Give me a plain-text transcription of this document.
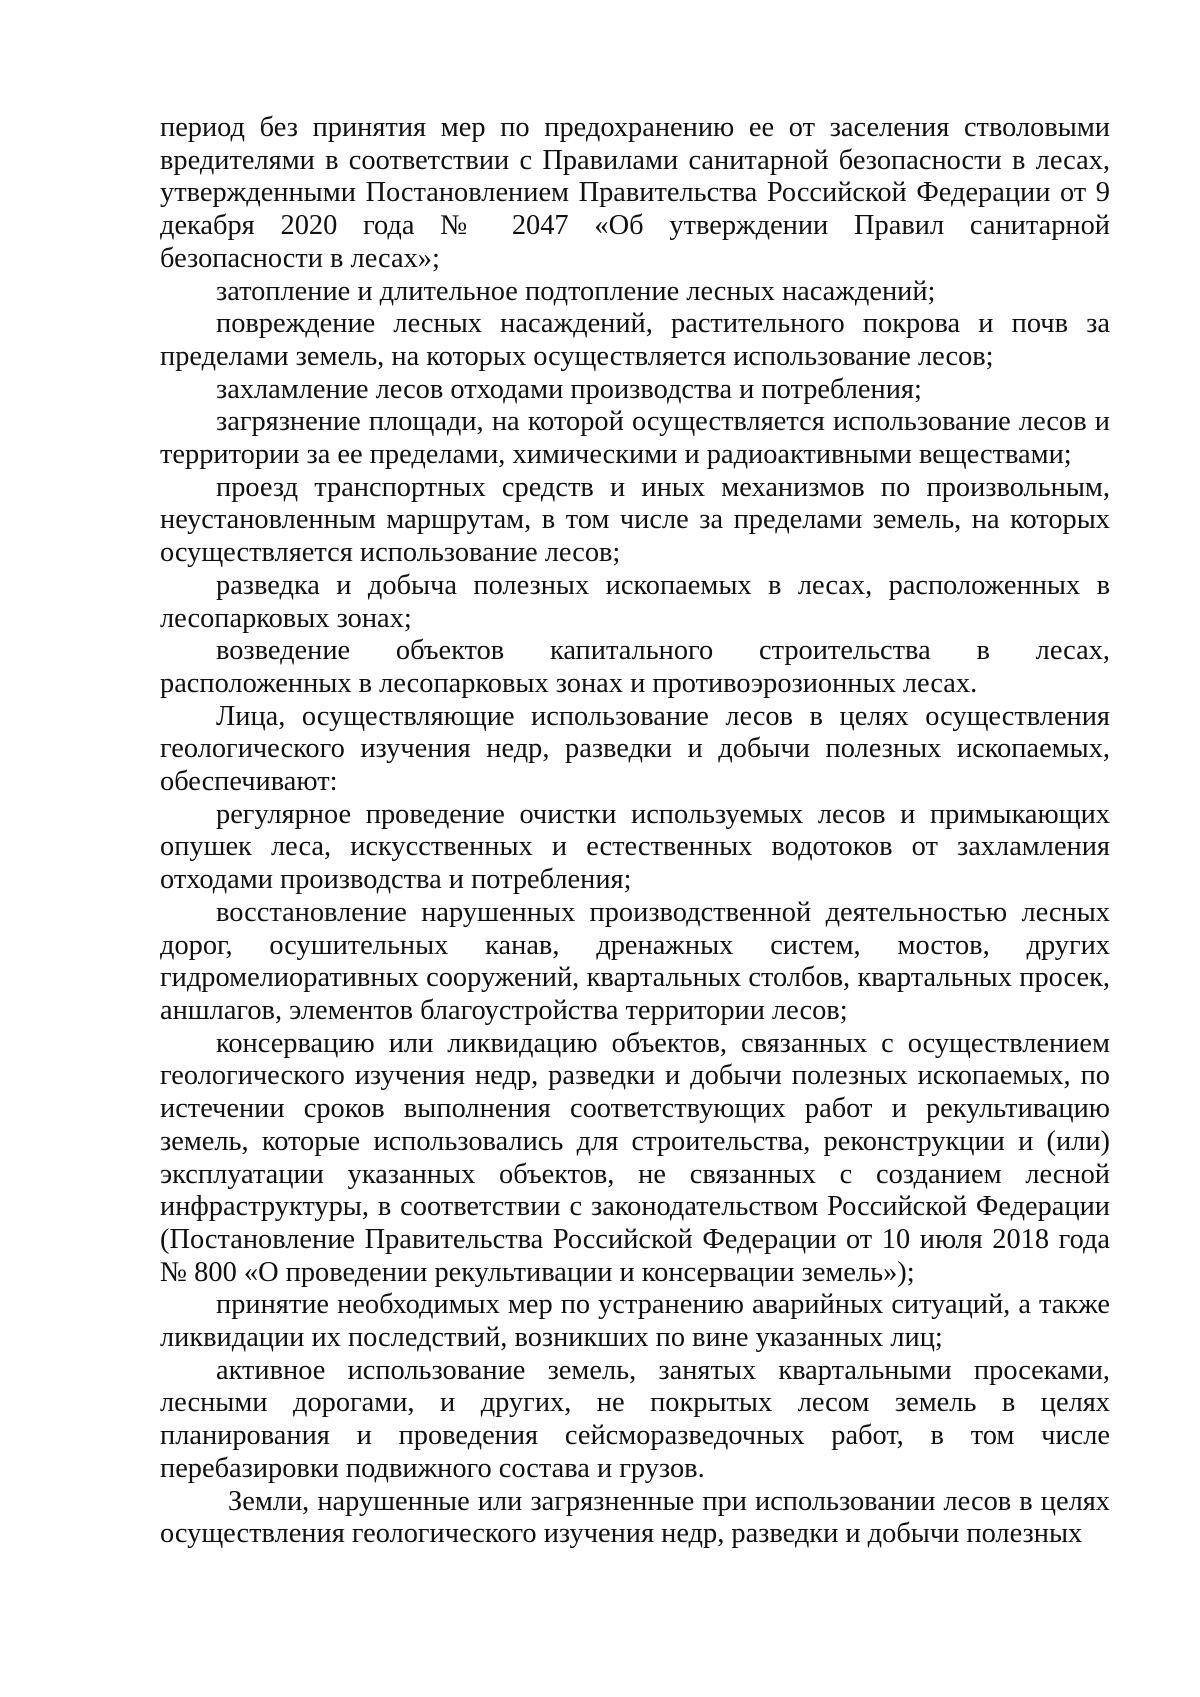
период без принятия мер по предохранению ее от заселения стволовыми вредителями в соответствии с Правилами санитарной безопасности в лесах, утвержденными Постановлением Правительства Российской Федерации от 9 декабря 2020 года № 2047 «Об утверждении Правил санитарной безопасности в лесах»;

затопление и длительное подтопление лесных насаждений;

повреждение лесных насаждений, растительного покрова и почв за пределами земель, на которых осуществляется использование лесов;

захламление лесов отходами производства и потребления;

загрязнение площади, на которой осуществляется использование лесов и территории за ее пределами, химическими и радиоактивными веществами;

проезд транспортных средств и иных механизмов по произвольным, неустановленным маршрутам, в том числе за пределами земель, на которых осуществляется использование лесов;

разведка и добыча полезных ископаемых в лесах, расположенных в лесопарковых зонах;

возведение объектов капитального строительства в лесах, расположенных в лесопарковых зонах и противоэрозионных лесах.

Лица, осуществляющие использование лесов в целях осуществления геологического изучения недр, разведки и добычи полезных ископаемых, обеспечивают:

регулярное проведение очистки используемых лесов и примыкающих опушек леса, искусственных и естественных водотоков от захламления отходами производства и потребления;

восстановление нарушенных производственной деятельностью лесных дорог, осушительных канав, дренажных систем, мостов, других гидромелиоративных сооружений, квартальных столбов, квартальных просек, аншлагов, элементов благоустройства территории лесов;

консервацию или ликвидацию объектов, связанных с осуществлением геологического изучения недр, разведки и добычи полезных ископаемых, по истечении сроков выполнения соответствующих работ и рекультивацию земель, которые использовались для строительства, реконструкции и (или) эксплуатации указанных объектов, не связанных с созданием лесной инфраструктуры, в соответствии с законодательством Российской Федерации (Постановление Правительства Российской Федерации от 10 июля 2018 года № 800 «О проведении рекультивации и консервации земель»);

принятие необходимых мер по устранению аварийных ситуаций, а также ликвидации их последствий, возникших по вине указанных лиц;

активное использование земель, занятых квартальными просеками, лесными дорогами, и других, не покрытых лесом земель в целях планирования и проведения сейсморазведочных работ, в том числе перебазировки подвижного состава и грузов.

Земли, нарушенные или загрязненные при использовании лесов в целях осуществления геологического изучения недр, разведки и добычи полезных
